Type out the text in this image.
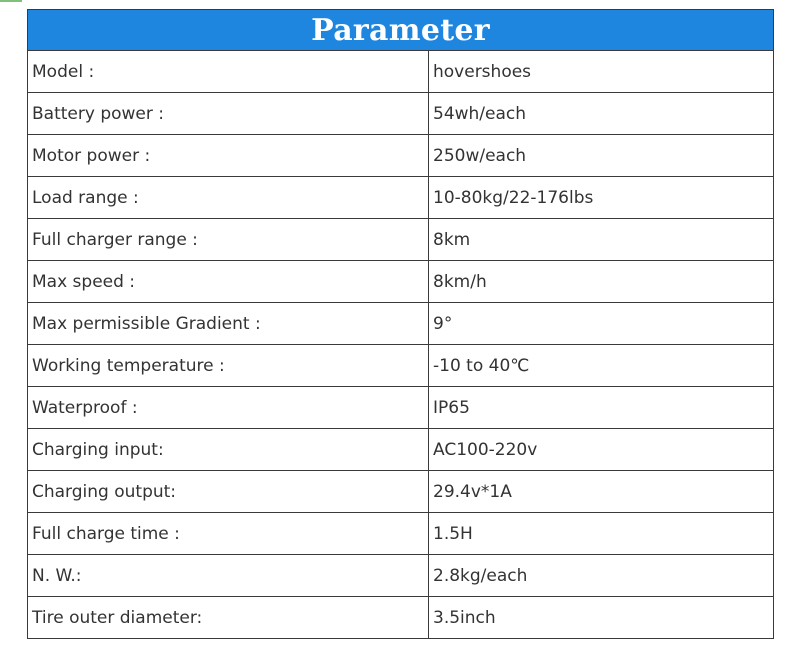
Parameter	
Model :	hovershoes
Battery power :	54wh/each
Motor power :	250w/each
Load range :	10-80kg/22-176lbs
Full charger range :	8km
Max speed :	8km/h
Max permissible Gradient :	9°
Working temperature :	-10 to 40℃
Waterproof :	IP65
Charging input:	AC100-220v
Charging output:	29.4v*1A
Full charge time :	1.5H
N. W.:	2.8kg/each
Tire outer diameter:	3.5inch
